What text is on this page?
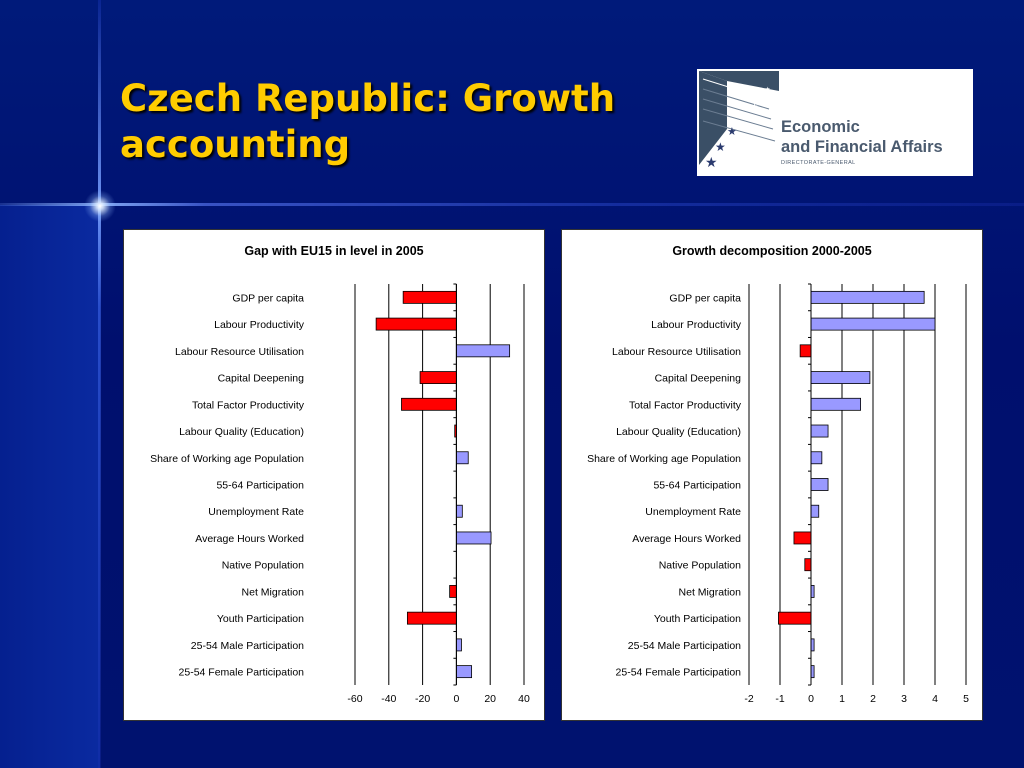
Czech Republic: Growth
accounting	★
★
★
★
★
★
★
Economic
and Financial Affairs
DIRECTORATE-GENERAL
Gap with EU15 in level in 2005
-60 -40 -20 0 20 40
GDP per capita
Labour Productivity
Labour Resource Utilisation
Capital Deepening
Total Factor Productivity
Labour Quality (Education)
Share of Working age Population
55-64 Participation
Unemployment Rate
Average Hours Worked
Native Population
Net Migration
Youth Participation
25-54 Male Participation
25-54 Female Participation
Growth decomposition 2000-2005
-2 -1 0 1 2 3 4 5
GDP per capita
Labour Productivity
Labour Resource Utilisation
Capital Deepening
Total Factor Productivity
Labour Quality (Education)
Share of Working age Population
55-64 Participation
Unemployment Rate
Average Hours Worked
Native Population
Net Migration
Youth Participation
25-54 Male Participation
25-54 Female Participation
